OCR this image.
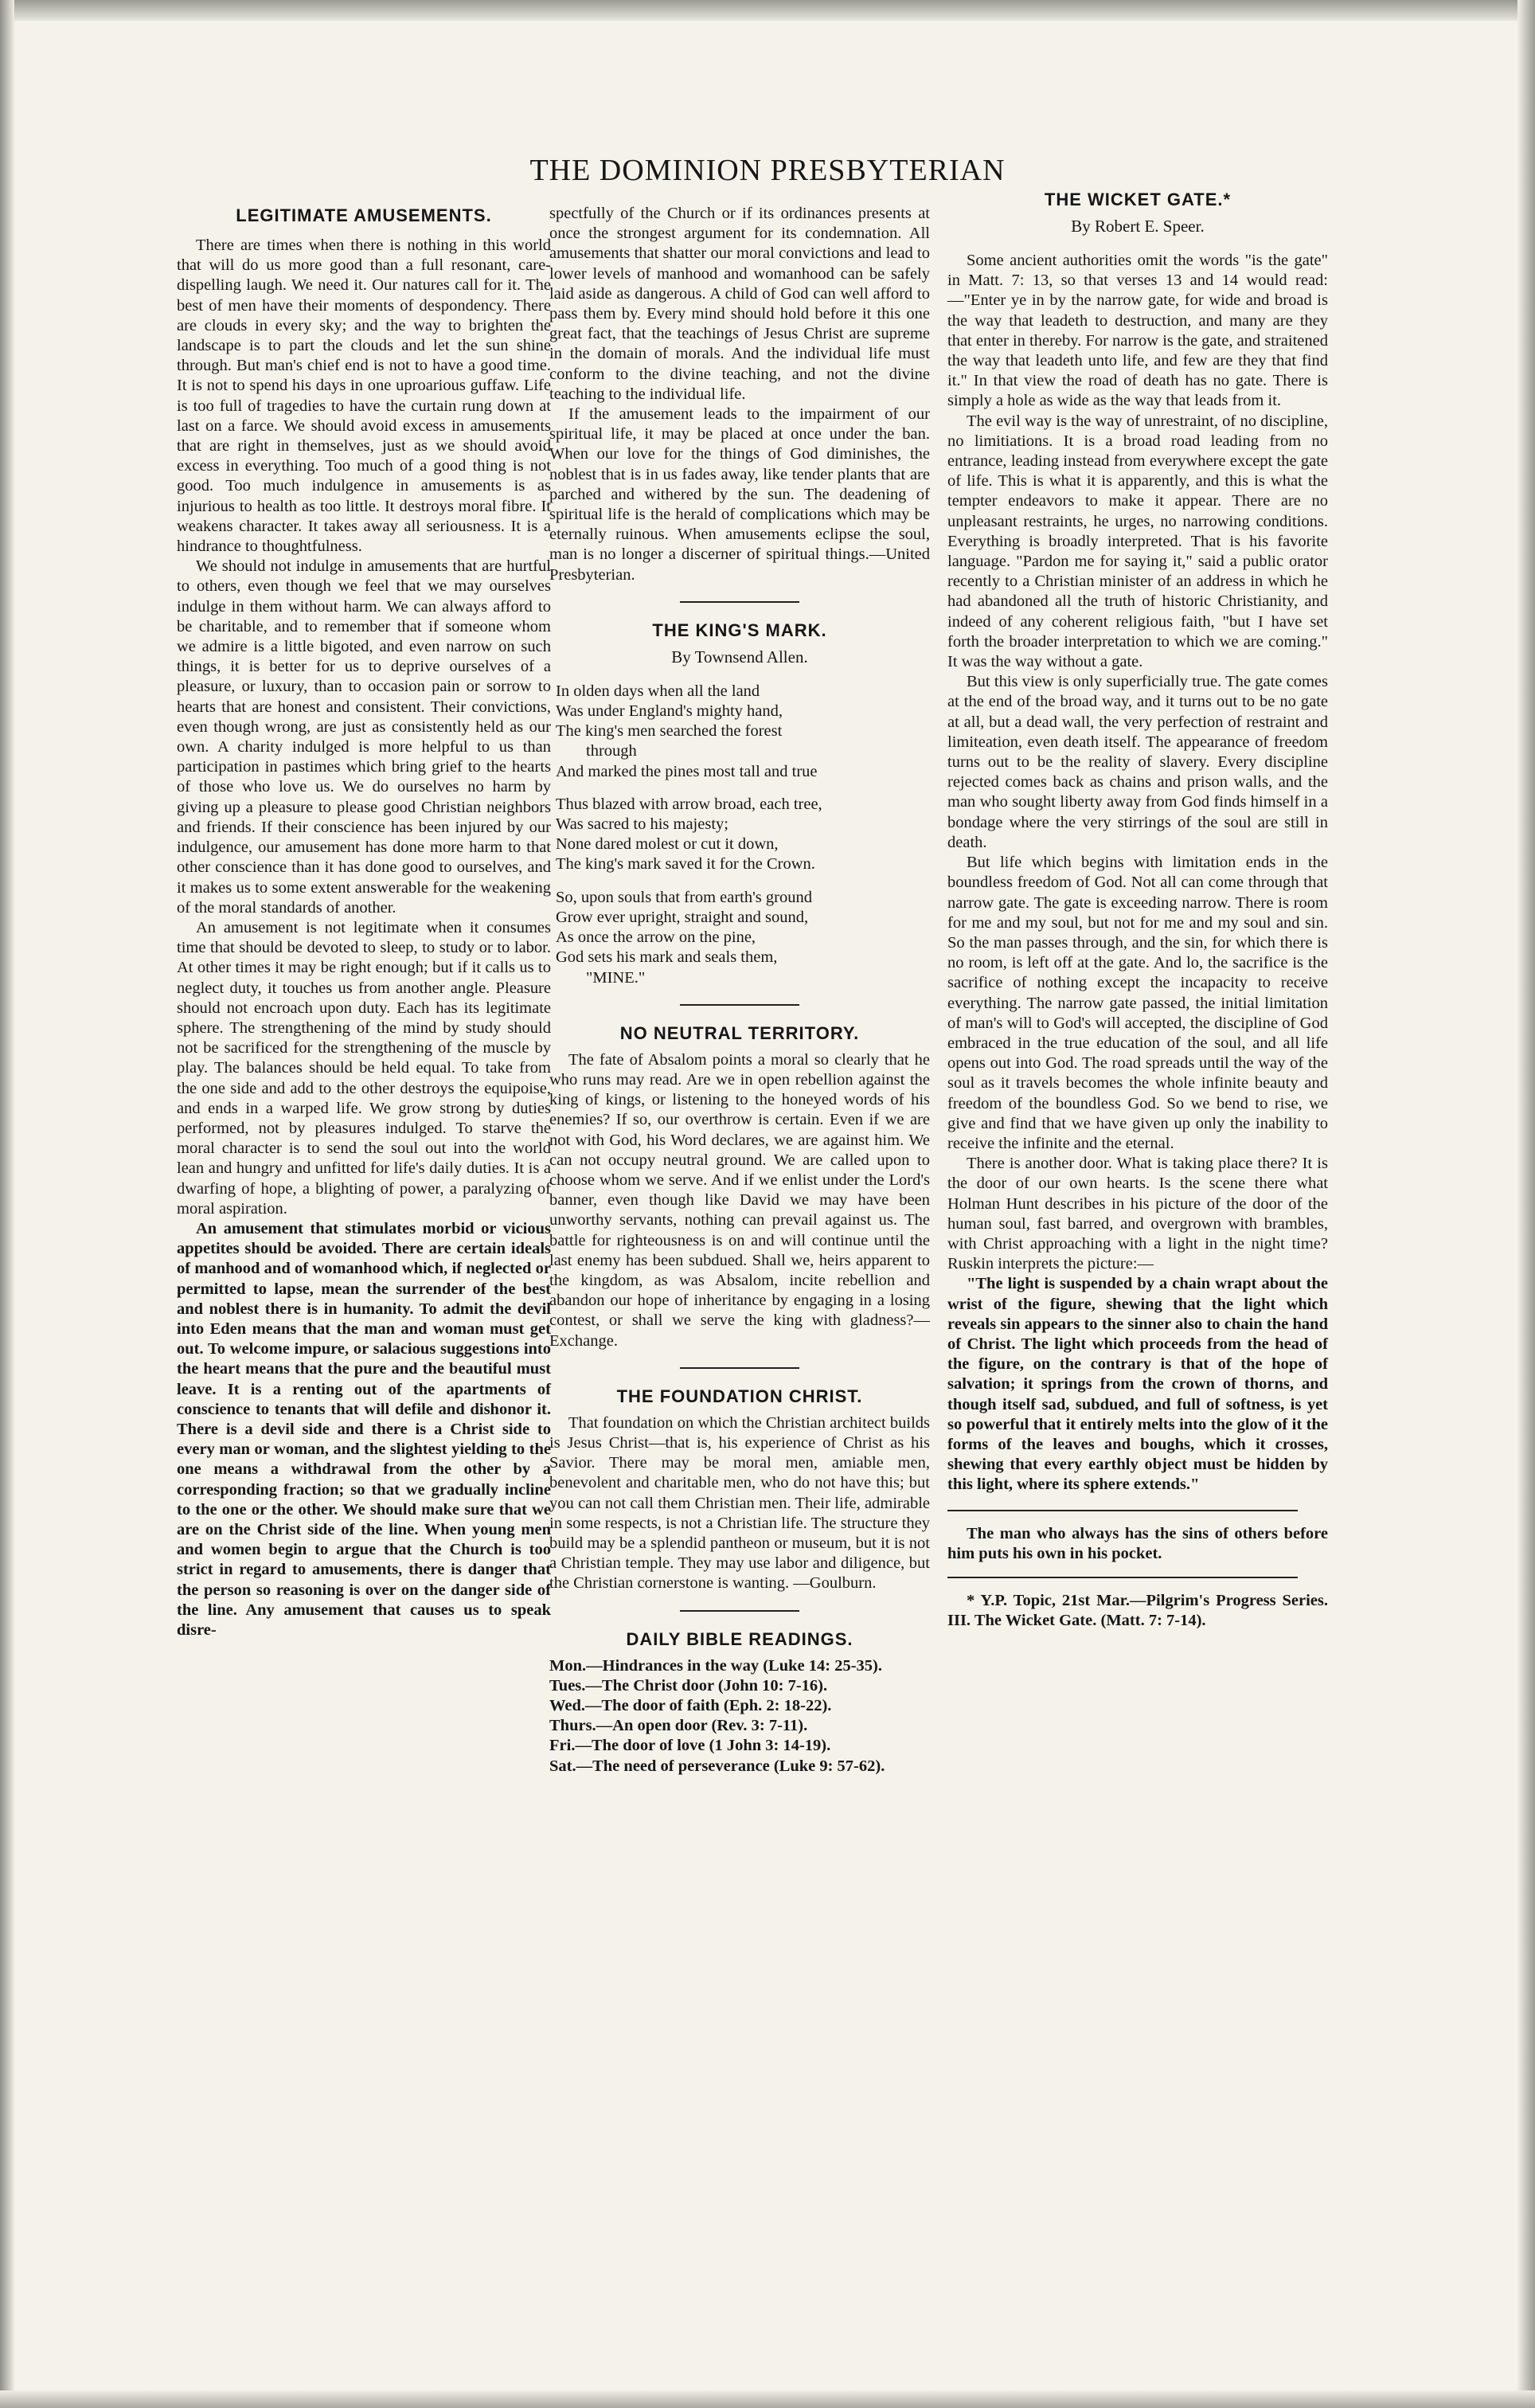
THE DOMINION PRESBYTERIAN
LEGITIMATE AMUSEMENTS.

There are times when there is nothing in this world that will do us more good than a full resonant, care-dispelling laugh. We need it. Our natures call for it. The best of men have their moments of despondency. There are clouds in every sky; and the way to brighten the landscape is to part the clouds and let the sun shine through. But man's chief end is not to have a good time. It is not to spend his days in one uproarious guffaw. Life is too full of tragedies to have the curtain rung down at last on a farce. We should avoid excess in amusements that are right in themselves, just as we should avoid excess in everything. Too much of a good thing is not good. Too much indulgence in amusements is as injurious to health as too little. It destroys moral fibre. It weakens character. It takes away all seriousness. It is a hindrance to thoughtfulness.

We should not indulge in amusements that are hurtful to others, even though we feel that we may ourselves indulge in them without harm. We can always afford to be charitable, and to remember that if someone whom we admire is a little bigoted, and even narrow on such things, it is better for us to deprive ourselves of a pleasure, or luxury, than to occasion pain or sorrow to hearts that are honest and consistent. Their convictions, even though wrong, are just as consistently held as our own. A charity indulged is more helpful to us than participation in pastimes which bring grief to the hearts of those who love us. We do ourselves no harm by giving up a pleasure to please good Christian neighbors and friends. If their conscience has been injured by our indulgence, our amusement has done more harm to that other conscience than it has done good to ourselves, and it makes us to some extent answerable for the weakening of the moral standards of another.

An amusement is not legitimate when it consumes time that should be devoted to sleep, to study or to labor. At other times it may be right enough; but if it calls us to neglect duty, it touches us from another angle. Pleasure should not encroach upon duty. Each has its legitimate sphere. The strengthening of the mind by study should not be sacrificed for the strengthening of the muscle by play. The balances should be held equal. To take from the one side and add to the other destroys the equipoise, and ends in a warped life. We grow strong by duties performed, not by pleasures indulged. To starve the moral character is to send the soul out into the world lean and hungry and unfitted for life's daily duties. It is a dwarfing of hope, a blighting of power, a paralyzing of moral aspiration.

An amusement that stimulates morbid or vicious appetites should be avoided. There are certain ideals of manhood and of womanhood which, if neglected or permitted to lapse, mean the surrender of the best and noblest there is in humanity. To admit the devil into Eden means that the man and woman must get out. To welcome impure, or salacious suggestions into the heart means that the pure and the beautiful must leave. It is a renting out of the apartments of conscience to tenants that will defile and dishonor it. There is a devil side and there is a Christ side to every man or woman, and the slightest yielding to the one means a withdrawal from the other by a corresponding fraction; so that we gradually incline to the one or the other. We should make sure that we are on the Christ side of the line. When young men and women begin to argue that the Church is too strict in regard to amusements, there is danger that the person so reasoning is over on the danger side of the line. Any amusement that causes us to speak disre-

spectfully of the Church or if its ordinances presents at once the strongest argument for its condemnation. All amusements that shatter our moral convictions and lead to lower levels of manhood and womanhood can be safely laid aside as dangerous. A child of God can well afford to pass them by. Every mind should hold before it this one great fact, that the teachings of Jesus Christ are supreme in the domain of morals. And the individual life must conform to the divine teaching, and not the divine teaching to the individual life.

If the amusement leads to the impairment of our spiritual life, it may be placed at once under the ban. When our love for the things of God diminishes, the noblest that is in us fades away, like tender plants that are parched and withered by the sun. The deadening of spiritual life is the herald of complications which may be eternally ruinous. When amusements eclipse the soul, man is no longer a discerner of spiritual things.—United Presbyterian.

THE KING'S MARK.
By Townsend Allen.
In olden days when all the land
Was under England's mighty hand,
The king's men searched the forest
through
And marked the pines most tall and true
Thus blazed with arrow broad, each tree,
Was sacred to his majesty;
None dared molest or cut it down,
The king's mark saved it for the Crown.
So, upon souls that from earth's ground
Grow ever upright, straight and sound,
As once the arrow on the pine,
God sets his mark and seals them,
"MINE."
NO NEUTRAL TERRITORY.

The fate of Absalom points a moral so clearly that he who runs may read. Are we in open rebellion against the king of kings, or listening to the honeyed words of his enemies? If so, our overthrow is certain. Even if we are not with God, his Word declares, we are against him. We can not occupy neutral ground. We are called upon to choose whom we serve. And if we enlist under the Lord's banner, even though like David we may have been unworthy servants, nothing can prevail against us. The battle for righteousness is on and will continue until the last enemy has been subdued. Shall we, heirs apparent to the kingdom, as was Absalom, incite rebellion and abandon our hope of inheritance by engaging in a losing contest, or shall we serve the king with gladness?—Exchange.

THE FOUNDATION CHRIST.

That foundation on which the Christian architect builds is Jesus Christ—that is, his experience of Christ as his Savior. There may be moral men, amiable men, benevolent and charitable men, who do not have this; but you can not call them Christian men. Their life, admirable in some respects, is not a Christian life. The structure they build may be a splendid pantheon or museum, but it is not a Christian temple. They may use labor and diligence, but the Christian cornerstone is wanting. —Goulburn.

DAILY BIBLE READINGS.

Mon.—Hindrances in the way (Luke 14: 25-35).

Tues.—The Christ door (John 10: 7-16).

Wed.—The door of faith (Eph. 2: 18-22).

Thurs.—An open door (Rev. 3: 7-11).

Fri.—The door of love (1 John 3: 14-19).

Sat.—The need of perseverance (Luke 9: 57-62).

THE WICKET GATE.*
By Robert E. Speer.

Some ancient authorities omit the words "is the gate" in Matt. 7: 13, so that verses 13 and 14 would read:—"Enter ye in by the narrow gate, for wide and broad is the way that leadeth to destruction, and many are they that enter in thereby. For narrow is the gate, and straitened the way that leadeth unto life, and few are they that find it." In that view the road of death has no gate. There is simply a hole as wide as the way that leads from it.

The evil way is the way of unrestraint, of no discipline, no limitiations. It is a broad road leading from no entrance, leading instead from everywhere except the gate of life. This is what it is apparently, and this is what the tempter endeavors to make it appear. There are no unpleasant restraints, he urges, no narrowing conditions. Everything is broadly interpreted. That is his favorite language. "Pardon me for saying it," said a public orator recently to a Christian minister of an address in which he had abandoned all the truth of historic Christianity, and indeed of any coherent religious faith, "but I have set forth the broader interpretation to which we are coming." It was the way without a gate.

But this view is only superficially true. The gate comes at the end of the broad way, and it turns out to be no gate at all, but a dead wall, the very perfection of restraint and limiteation, even death itself. The appearance of freedom turns out to be the reality of slavery. Every discipline rejected comes back as chains and prison walls, and the man who sought liberty away from God finds himself in a bondage where the very stirrings of the soul are still in death.

But life which begins with limitation ends in the boundless freedom of God. Not all can come through that narrow gate. The gate is exceeding narrow. There is room for me and my soul, but not for me and my soul and sin. So the man passes through, and the sin, for which there is no room, is left off at the gate. And lo, the sacrifice is the sacrifice of nothing except the incapacity to receive everything. The narrow gate passed, the initial limitation of man's will to God's will accepted, the discipline of God embraced in the true education of the soul, and all life opens out into God. The road spreads until the way of the soul as it travels becomes the whole infinite beauty and freedom of the boundless God. So we bend to rise, we give and find that we have given up only the inability to receive the infinite and the eternal.

There is another door. What is taking place there? It is the door of our own hearts. Is the scene there what Holman Hunt describes in his picture of the door of the human soul, fast barred, and overgrown with brambles, with Christ approaching with a light in the night time? Ruskin interprets the picture:—

"The light is suspended by a chain wrapt about the wrist of the figure, shewing that the light which reveals sin appears to the sinner also to chain the hand of Christ. The light which proceeds from the head of the figure, on the contrary is that of the hope of salvation; it springs from the crown of thorns, and though itself sad, subdued, and full of softness, is yet so powerful that it entirely melts into the glow of it the forms of the leaves and boughs, which it crosses, shewing that every earthly object must be hidden by this light, where its sphere extends."

The man who always has the sins of others before him puts his own in his pocket.

* Y.P. Topic, 21st Mar.—Pilgrim's Progress Series. III. The Wicket Gate. (Matt. 7: 7-14).
